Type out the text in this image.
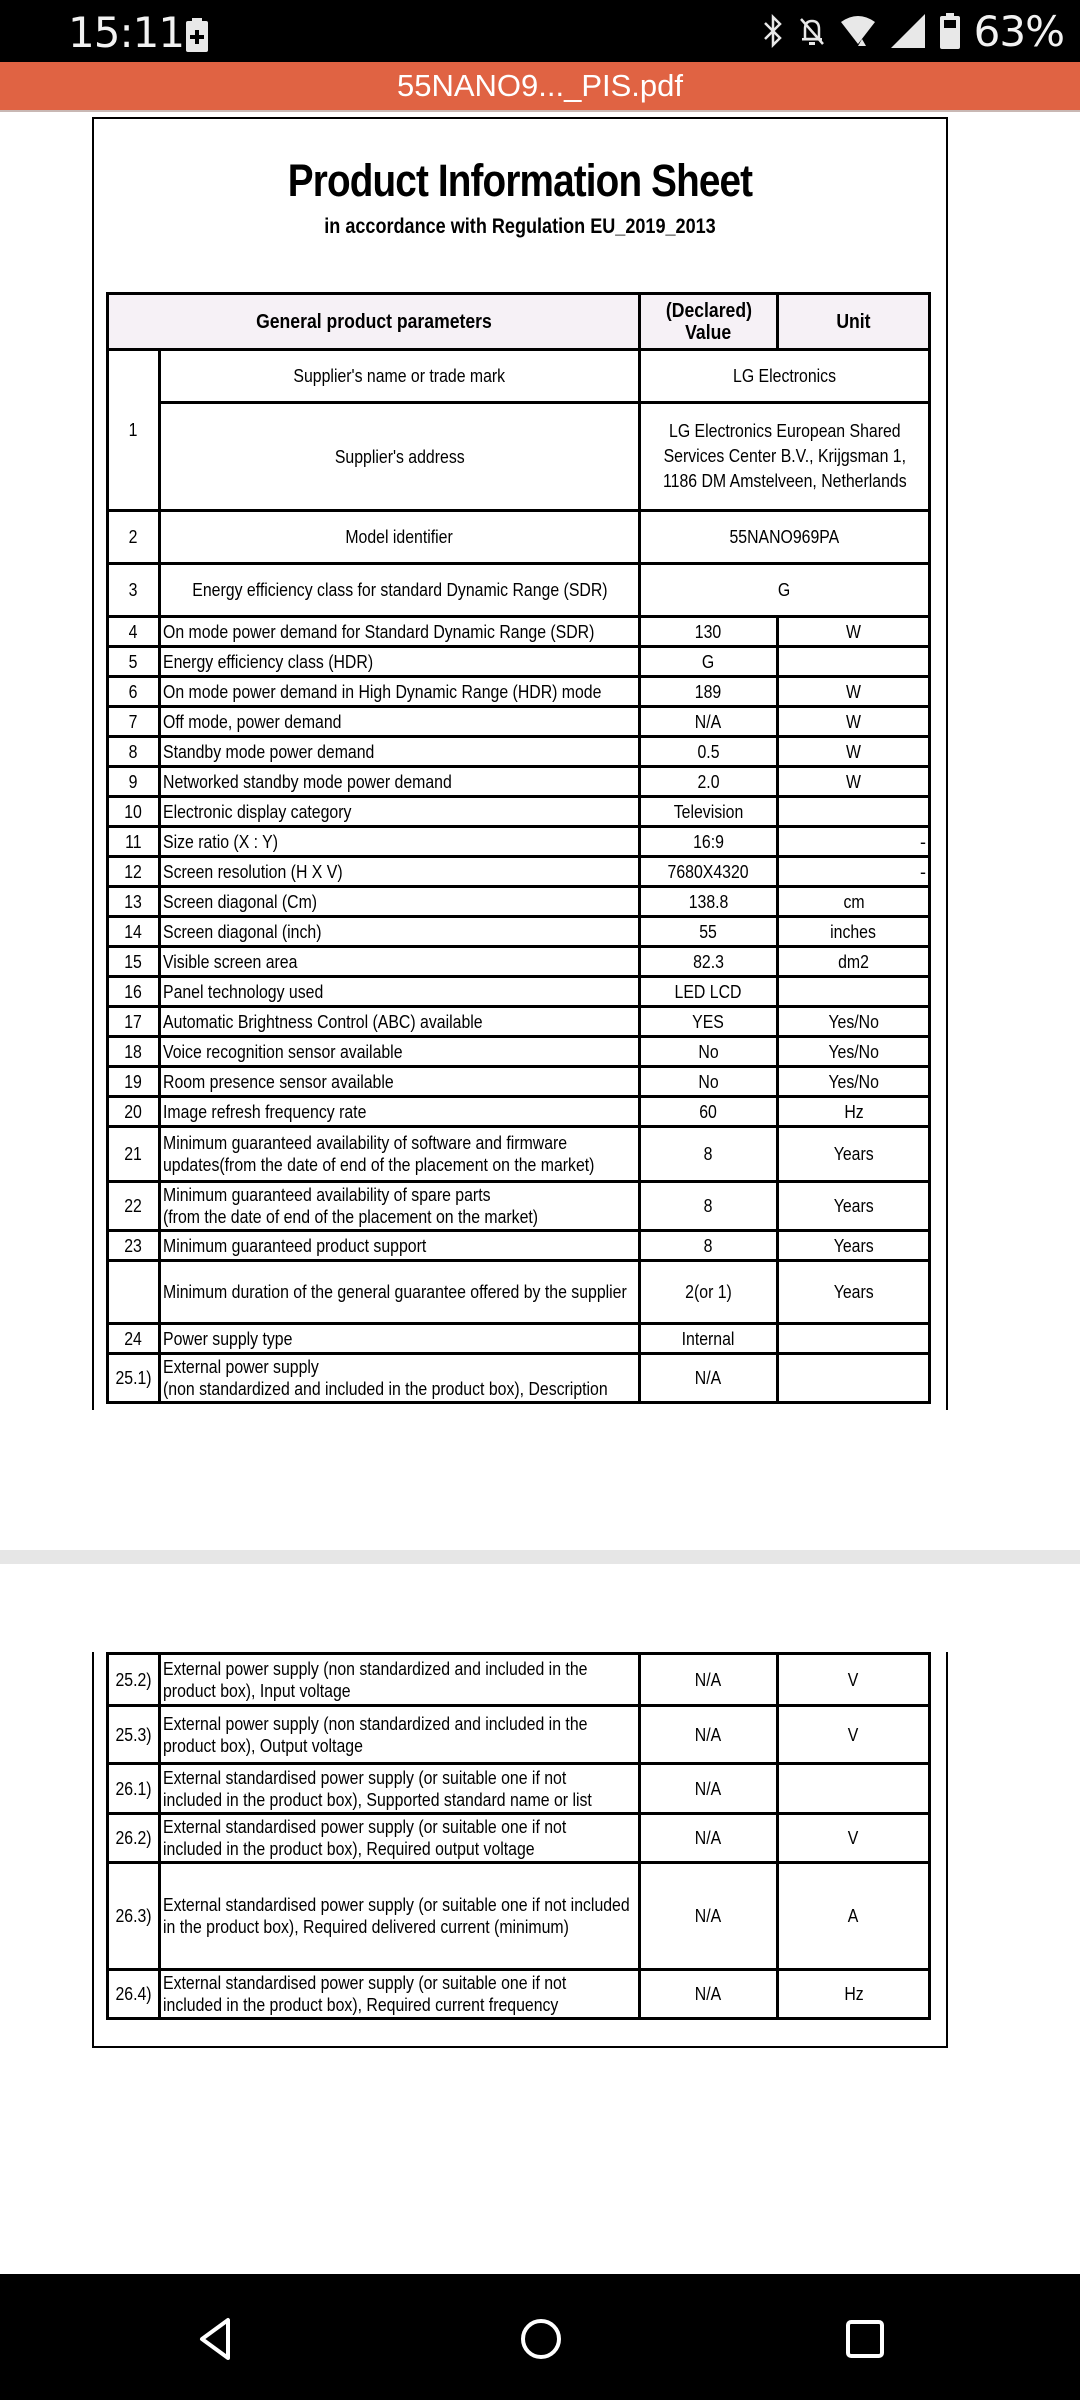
15:11	63%
55NANO9..._PIS.pdf
Product Information Sheet
in accordance with Regulation EU_2019_2013
General product parameters		(Declared)
Value	Unit
1	Supplier's name or trade mark	LG Electronics	
	Supplier's address	LG Electronics European Shared Services Center B.V., Krijgsman 1, 1186 DM Amstelveen, Netherlands	
2	Model identifier	55NANO969PA	
3	Energy efficiency class for standard Dynamic Range (SDR)	G	
4	On mode power demand for Standard Dynamic Range (SDR)	130	W
5	Energy efficiency class (HDR)	G	
6	On mode power demand in High Dynamic Range (HDR) mode	189	W
7	Off mode, power demand	N/A	W
8	Standby mode power demand	0.5	W
9	Networked standby mode power demand	2.0	W
10	Electronic display category	Television	
11	Size ratio (X : Y)	16:9	-
12	Screen resolution (H X V)	7680X4320	-
13	Screen diagonal (Cm)	138.8	cm
14	Screen diagonal (inch)	55	inches
15	Visible screen area	82.3	dm2
16	Panel technology used	LED LCD	
17	Automatic Brightness Control (ABC) available	YES	Yes/No
18	Voice recognition sensor available	No	Yes/No
19	Room presence sensor available	No	Yes/No
20	Image refresh frequency rate	60	Hz
21	Minimum guaranteed availability of software and firmware
updates(from the date of end of the placement on the market)	8	Years
22	Minimum guaranteed availability of spare parts
(from the date of end of the placement on the market)	8	Years
23	Minimum guaranteed product support	8	Years
	Minimum duration of the general guarantee offered by the supplier	2(or 1)	Years
24	Power supply type	Internal	
25.1)	External power supply
(non standardized and included in the product box), Description	N/A	
25.2)	External power supply (non standardized and included in the
product box), Input voltage	N/A	V
25.3)	External power supply (non standardized and included in the
product box), Output voltage	N/A	V
26.1)	External standardised power supply (or suitable one if not
included in the product box), Supported standard name or list	N/A	
26.2)	External standardised power supply (or suitable one if not
included in the product box), Required output voltage	N/A	V
26.3)	External standardised power supply (or suitable one if not included
in the product box), Required delivered current (minimum)	N/A	A
26.4)	External standardised power supply (or suitable one if not
included in the product box), Required current frequency	N/A	Hz
